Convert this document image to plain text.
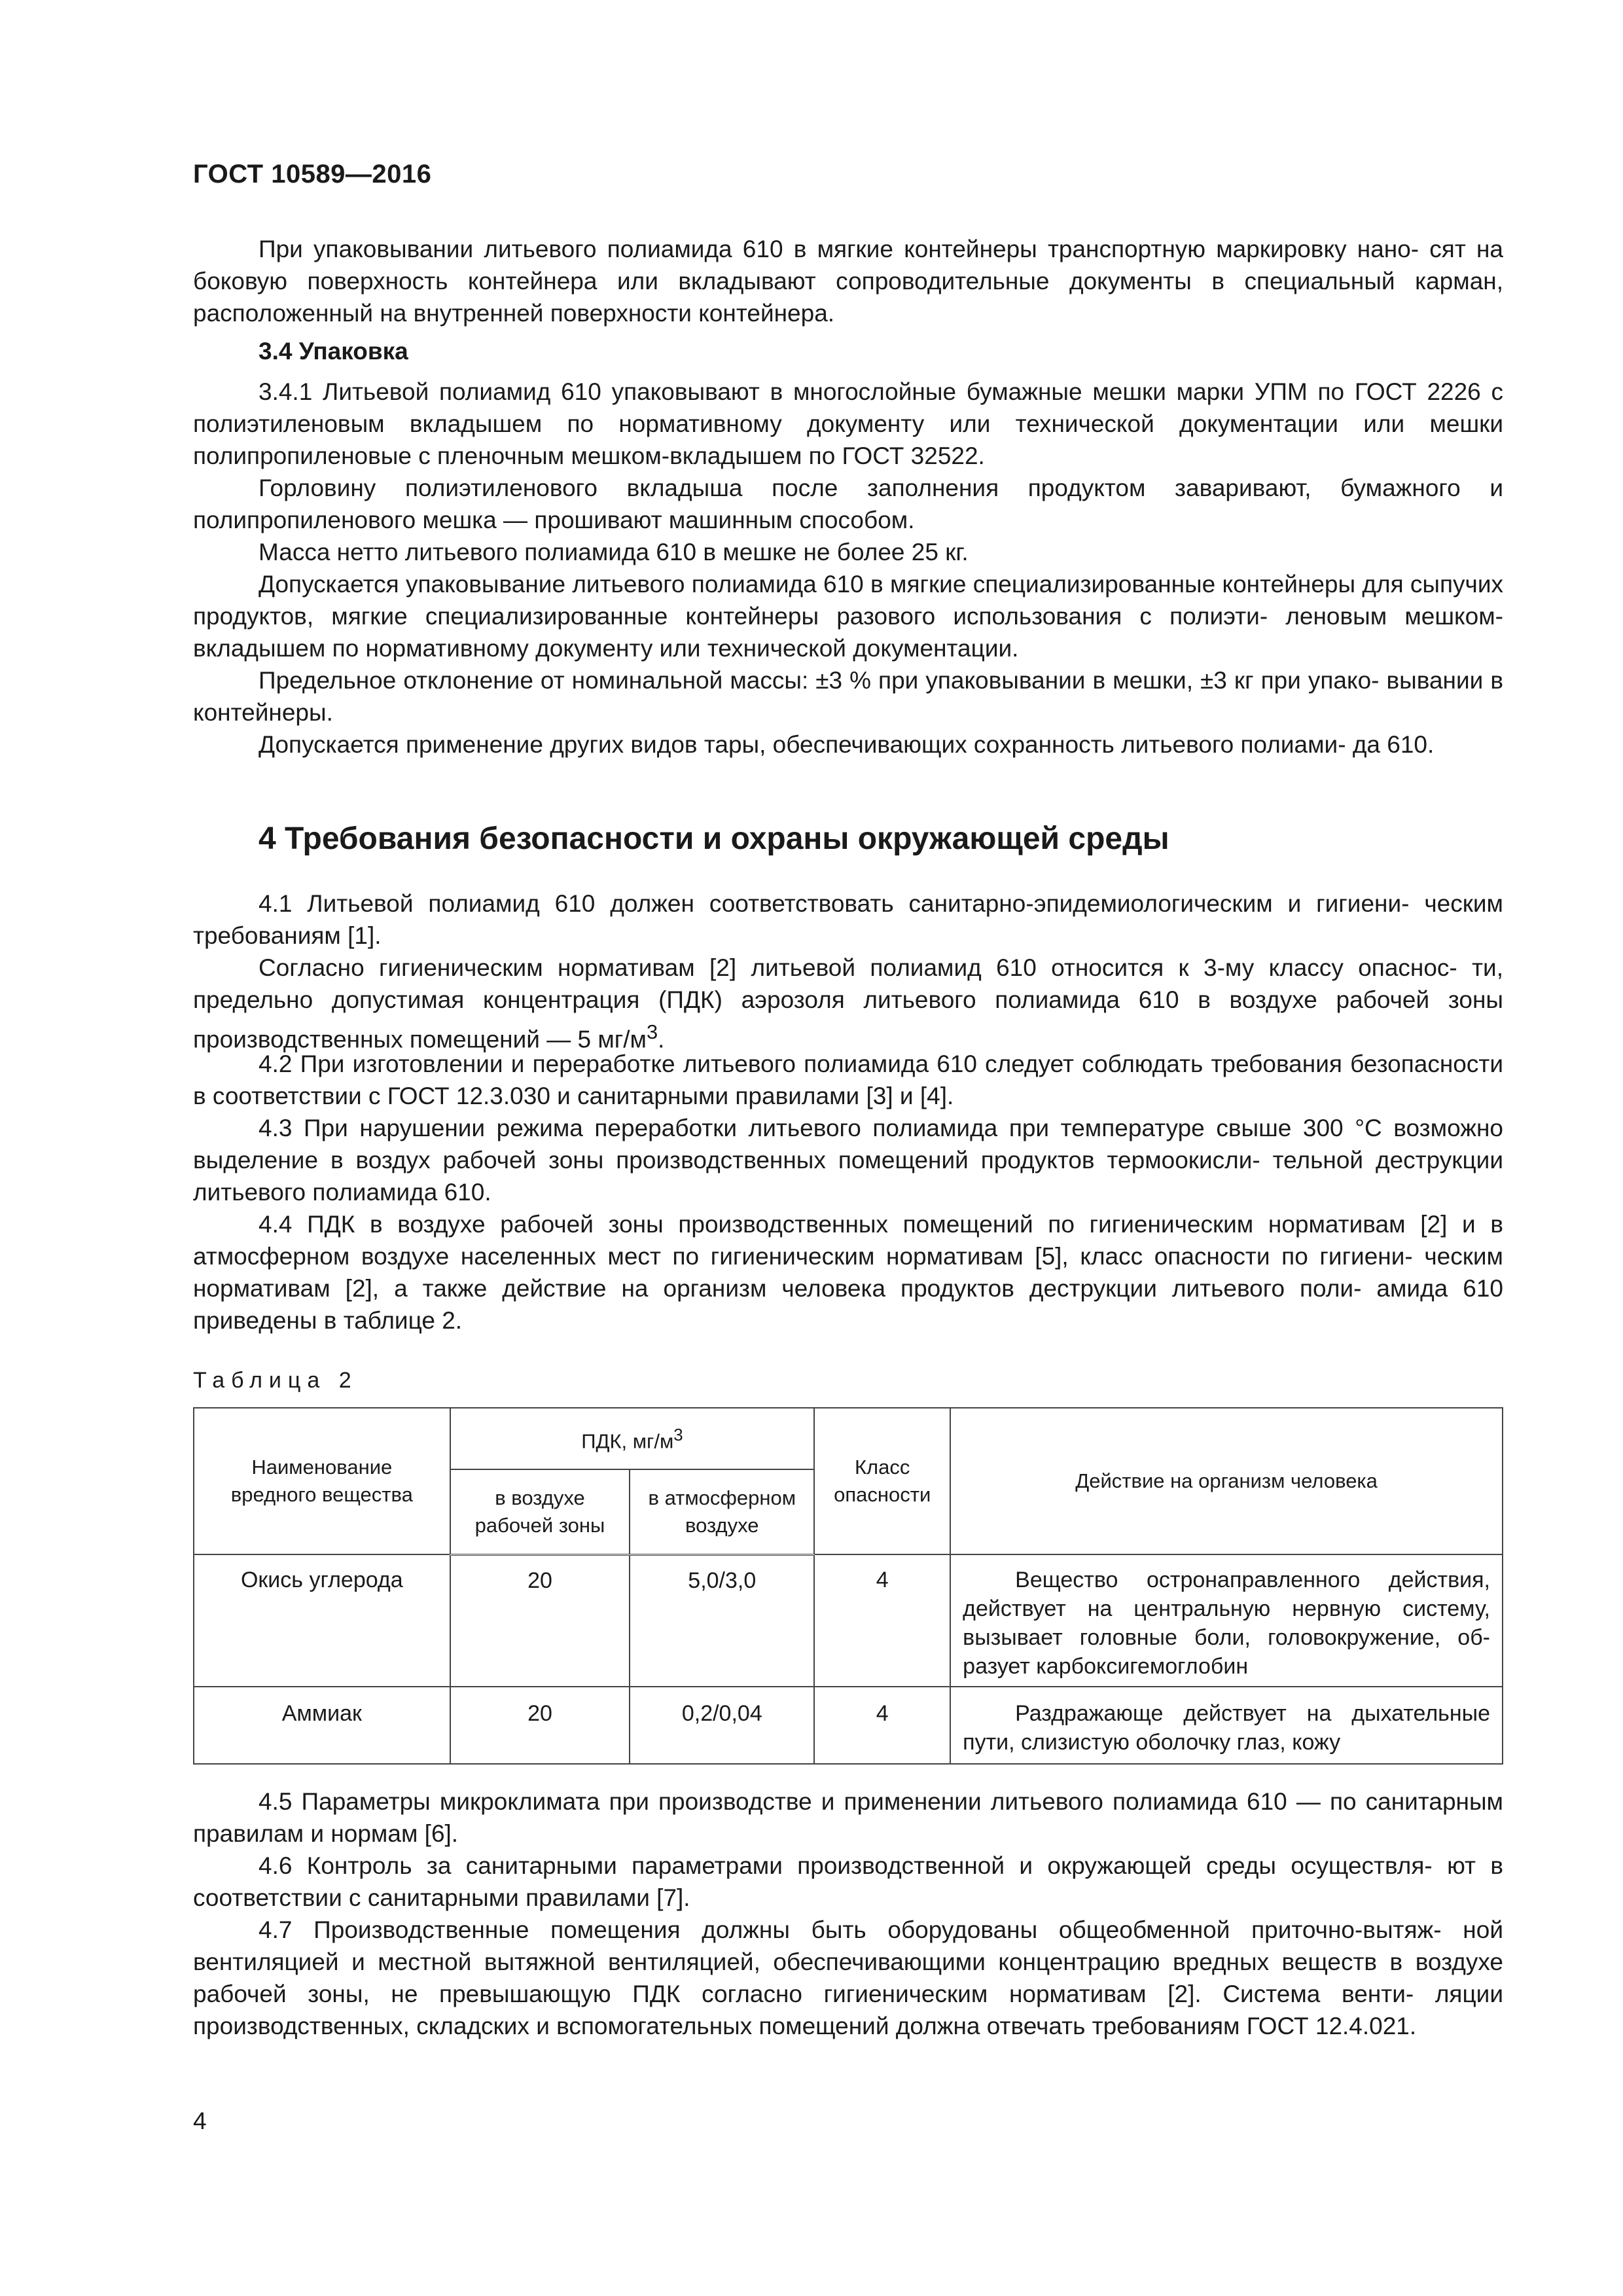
ГОСТ 10589—2016

При упаковывании литьевого полиамида 610 в мягкие контейнеры транспортную маркировку нано- сят на боковую поверхность контейнера или вкладывают сопроводительные документы в специальный карман, расположенный на внутренней поверхности контейнера.

3.4 Упаковка

3.4.1 Литьевой полиамид 610 упаковывают в многослойные бумажные мешки марки УПМ по ГОСТ 2226 с полиэтиленовым вкладышем по нормативному документу или технической документации или мешки полипропиленовые с пленочным мешком-вкладышем по ГОСТ 32522.

Горловину полиэтиленового вкладыша после заполнения продуктом заваривают, бумажного и полипропиленового мешка — прошивают машинным способом.

Масса нетто литьевого полиамида 610 в мешке не более 25 кг.

Допускается упаковывание литьевого полиамида 610 в мягкие специализированные контейнеры для сыпучих продуктов, мягкие специализированные контейнеры разового использования с полиэти- леновым мешком-вкладышем по нормативному документу или технической документации.

Предельное отклонение от номинальной массы: ±3 % при упаковывании в мешки, ±3 кг при упако- вывании в контейнеры.

Допускается применение других видов тары, обеспечивающих сохранность литьевого полиами- да 610.

4 Требования безопасности и охраны окружающей среды

4.1 Литьевой полиамид 610 должен соответствовать санитарно-эпидемиологическим и гигиени- ческим требованиям [1].

Согласно гигиеническим нормативам [2] литьевой полиамид 610 относится к 3-му классу опаснос- ти, предельно допустимая концентрация (ПДК) аэрозоля литьевого полиамида 610 в воздухе рабочей зоны производственных помещений — 5 $мг/м^3$.

4.2 При изготовлении и переработке литьевого полиамида 610 следует соблюдать требования безопасности в соответствии с ГОСТ 12.3.030 и санитарными правилами [3] и [4].

4.3 При нарушении режима переработки литьевого полиамида при температуре свыше 300 °С возможно выделение в воздух рабочей зоны производственных помещений продуктов термоокисли- тельной деструкции литьевого полиамида 610.

4.4 ПДК в воздухе рабочей зоны производственных помещений по гигиеническим нормативам [2] и в атмосферном воздухе населенных мест по гигиеническим нормативам [5], класс опасности по гигиени- ческим нормативам [2], а также действие на организм человека продуктов деструкции литьевого поли- амида 610 приведены в таблице 2.

Таблица 2
Наименование вредного вещества	ПДК, $мг/м^3$		Класс опасности	Действие на организм человека
	в воздухе рабочей зоны	в атмосферном воздухе		
Окись углерода	20	5,0/3,0	4	Вещество остронаправленного действия, действует на центральную нервную систему, вызывает головные боли, головокружение, об- разует карбоксигемоглобин
Аммиак	20	0,2/0,04	4	Раздражающе действует на дыхательные пути, слизистую оболочку глаз, кожу

4.5 Параметры микроклимата при производстве и применении литьевого полиамида 610 — по санитарным правилам и нормам [6].

4.6 Контроль за санитарными параметрами производственной и окружающей среды осуществля- ют в соответствии с санитарными правилами [7].

4.7 Производственные помещения должны быть оборудованы общеобменной приточно-вытяж- ной вентиляцией и местной вытяжной вентиляцией, обеспечивающими концентрацию вредных веществ в воздухе рабочей зоны, не превышающую ПДК согласно гигиеническим нормативам [2]. Система венти- ляции производственных, складских и вспомогательных помещений должна отвечать требованиям ГОСТ 12.4.021.

4
